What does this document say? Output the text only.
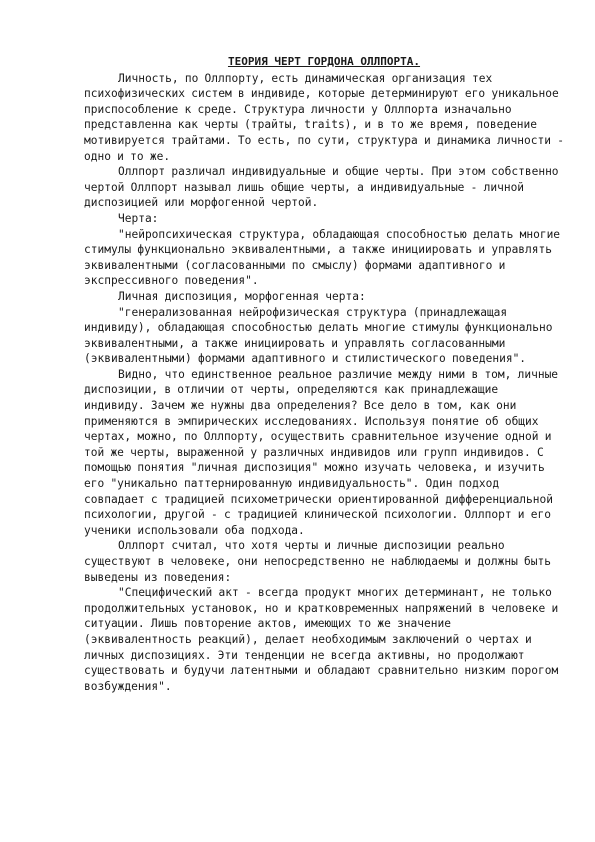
ТЕОРИЯ ЧЕРТ ГОРДОНА ОЛЛПОРТА.

Личность, по Оллпорту, есть динамическая организация тех психофизических систем в индивиде, которые детерминируют его уникальное приспособление к среде. Структура личности у Оллпорта изначально представленна как черты (трайты, traits), и в то же время, поведение мотивируется трайтами. То есть, по сути, структура и динамика личности - одно и то же.

Оллпорт различал индивидуальные и общие черты. При этом собственно чертой Оллпорт называл лишь общие черты, а индивидуальные - личной диспозицией или морфогенной чертой.

Черта:

"нейропсихическая структура, обладающая способностью делать многие стимулы функционально эквивалентными, а также инициировать и управлять эквивалентными (согласованными по смыслу) формами адаптивного и экспрессивного поведения".

Личная диспозиция, морфогенная черта:

"генерализованная нейрофизическая структура (принадлежащая индивиду), обладающая способностью делать многие стимулы функционально эквивалентными, а также инициировать и управлять согласованными (эквивалентными) формами адаптивного и стилистического поведения".

Видно, что единственное реальное различие между ними в том, личные диспозиции, в отличии от черты, определяются как принадлежащие индивиду. Зачем же нужны два определения? Все дело в том, как они применяются в эмпирических исследованиях. Используя понятие об общих чертах, можно, по Оллпорту, осуществить сравнительное изучение одной и той же черты, выраженной у различных индивидов или групп индивидов. С помощью понятия "личная диспозиция" можно изучать человека, и изучить его "уникально паттернированную индивидуальность". Один подход совпадает с традицией психометрически ориентированной дифференциальной психологии, другой - с традицией клинической психологии. Оллпорт и его ученики использовали оба подхода.

Оллпорт считал, что хотя черты и личные диспозиции реально существуют в человеке, они непосредственно не наблюдаемы и должны быть выведены из поведения:

"Специфический акт - всегда продукт многих детерминант, не только продолжительных установок, но и кратковременных напряжений в человеке и ситуации. Лишь повторение актов, имеющих то же значение (эквивалентность реакций), делает необходимым заключений о чертах и личных диспозициях. Эти тенденции не всегда активны, но продолжают существовать и будучи латентными и обладают сравнительно низким порогом возбуждения".
